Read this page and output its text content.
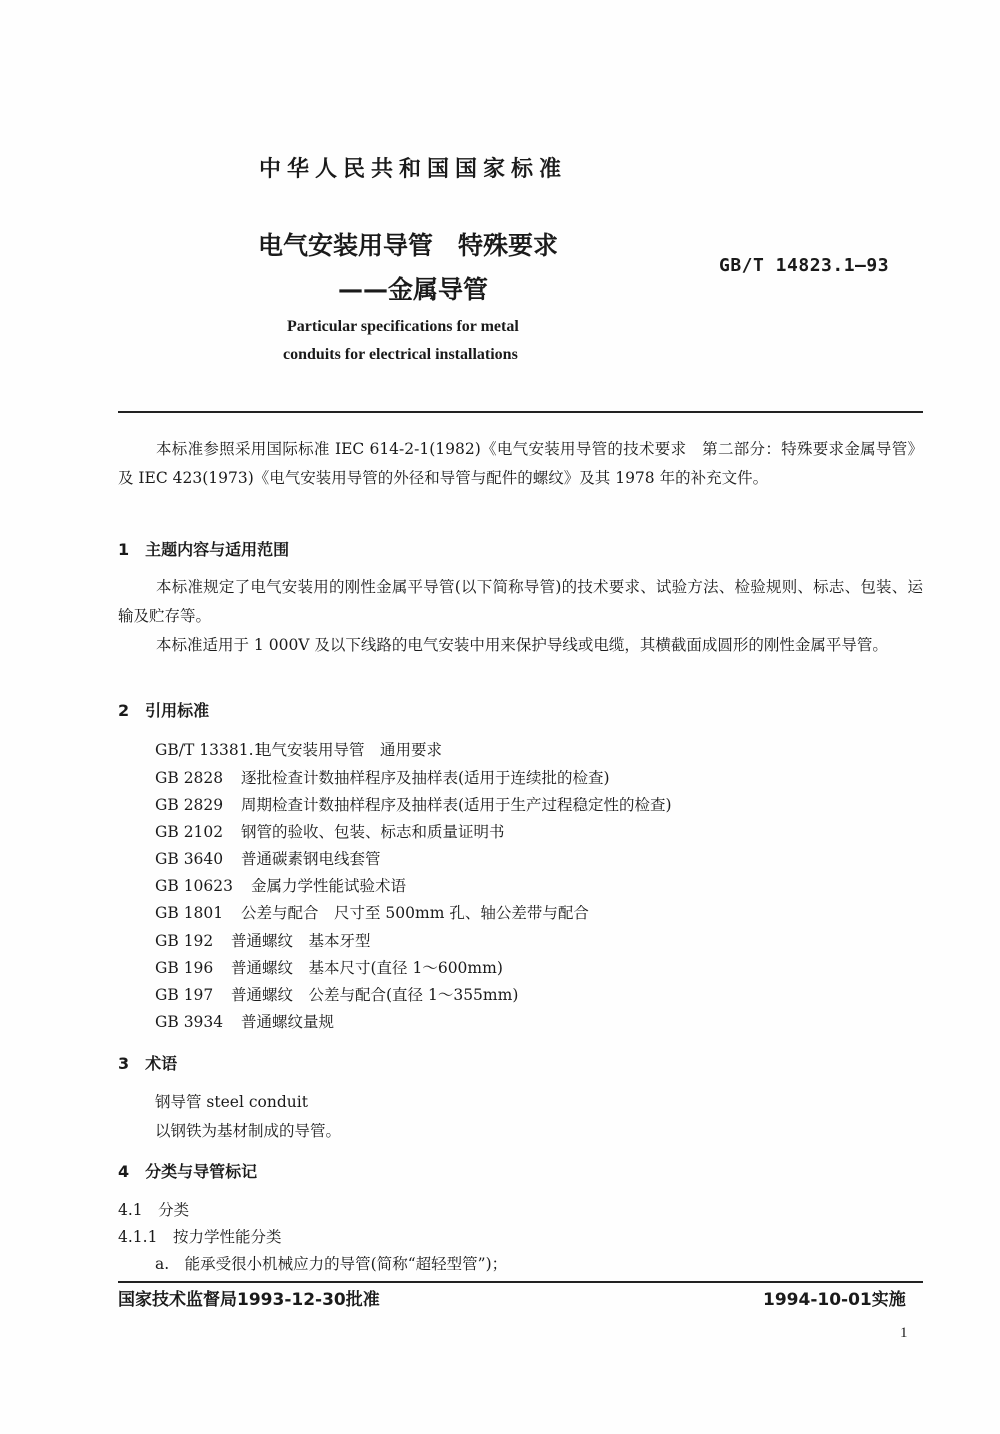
中华人民共和国国家标准
电气安装用导管　特殊要求
——金属导管
GB/T 14823.1—93
Particular specifications for metal
conduits for electrical installations
本标准参照采用国际标准 IEC 614-2-1(1982)《电气安装用导管的技术要求　第二部分：特殊要求金属导管》及 IEC 423(1973)《电气安装用导管的外径和导管与配件的螺纹》及其 1978 年的补充文件。
1　主题内容与适用范围
本标准规定了电气安装用的刚性金属平导管(以下简称导管)的技术要求、试验方法、检验规则、标志、包装、运输及贮存等。
本标准适用于 1 000V 及以下线路的电气安装中用来保护导线或电缆，其横截面成圆形的刚性金属平导管。
2　引用标准
GB/T 13381.1 电气安装用导管　通用要求
GB 2828 逐批检查计数抽样程序及抽样表(适用于连续批的检查)
GB 2829 周期检查计数抽样程序及抽样表(适用于生产过程稳定性的检查)
GB 2102 钢管的验收、包装、标志和质量证明书
GB 3640 普通碳素钢电线套管
GB 10623 金属力学性能试验术语
GB 1801 公差与配合　尺寸至 500mm 孔、轴公差带与配合
GB 192 普通螺纹　基本牙型
GB 196 普通螺纹　基本尺寸(直径 1～600mm)
GB 197 普通螺纹　公差与配合(直径 1～355mm)
GB 3934 普通螺纹量规
3　术语
钢导管 steel conduit
以钢铁为基材制成的导管。
4　分类与导管标记
4.1　分类
4.1.1　按力学性能分类
a.　能承受很小机械应力的导管(简称“超轻型管”)；
国家技术监督局1993-12-30批准	1994-10-01实施
1
